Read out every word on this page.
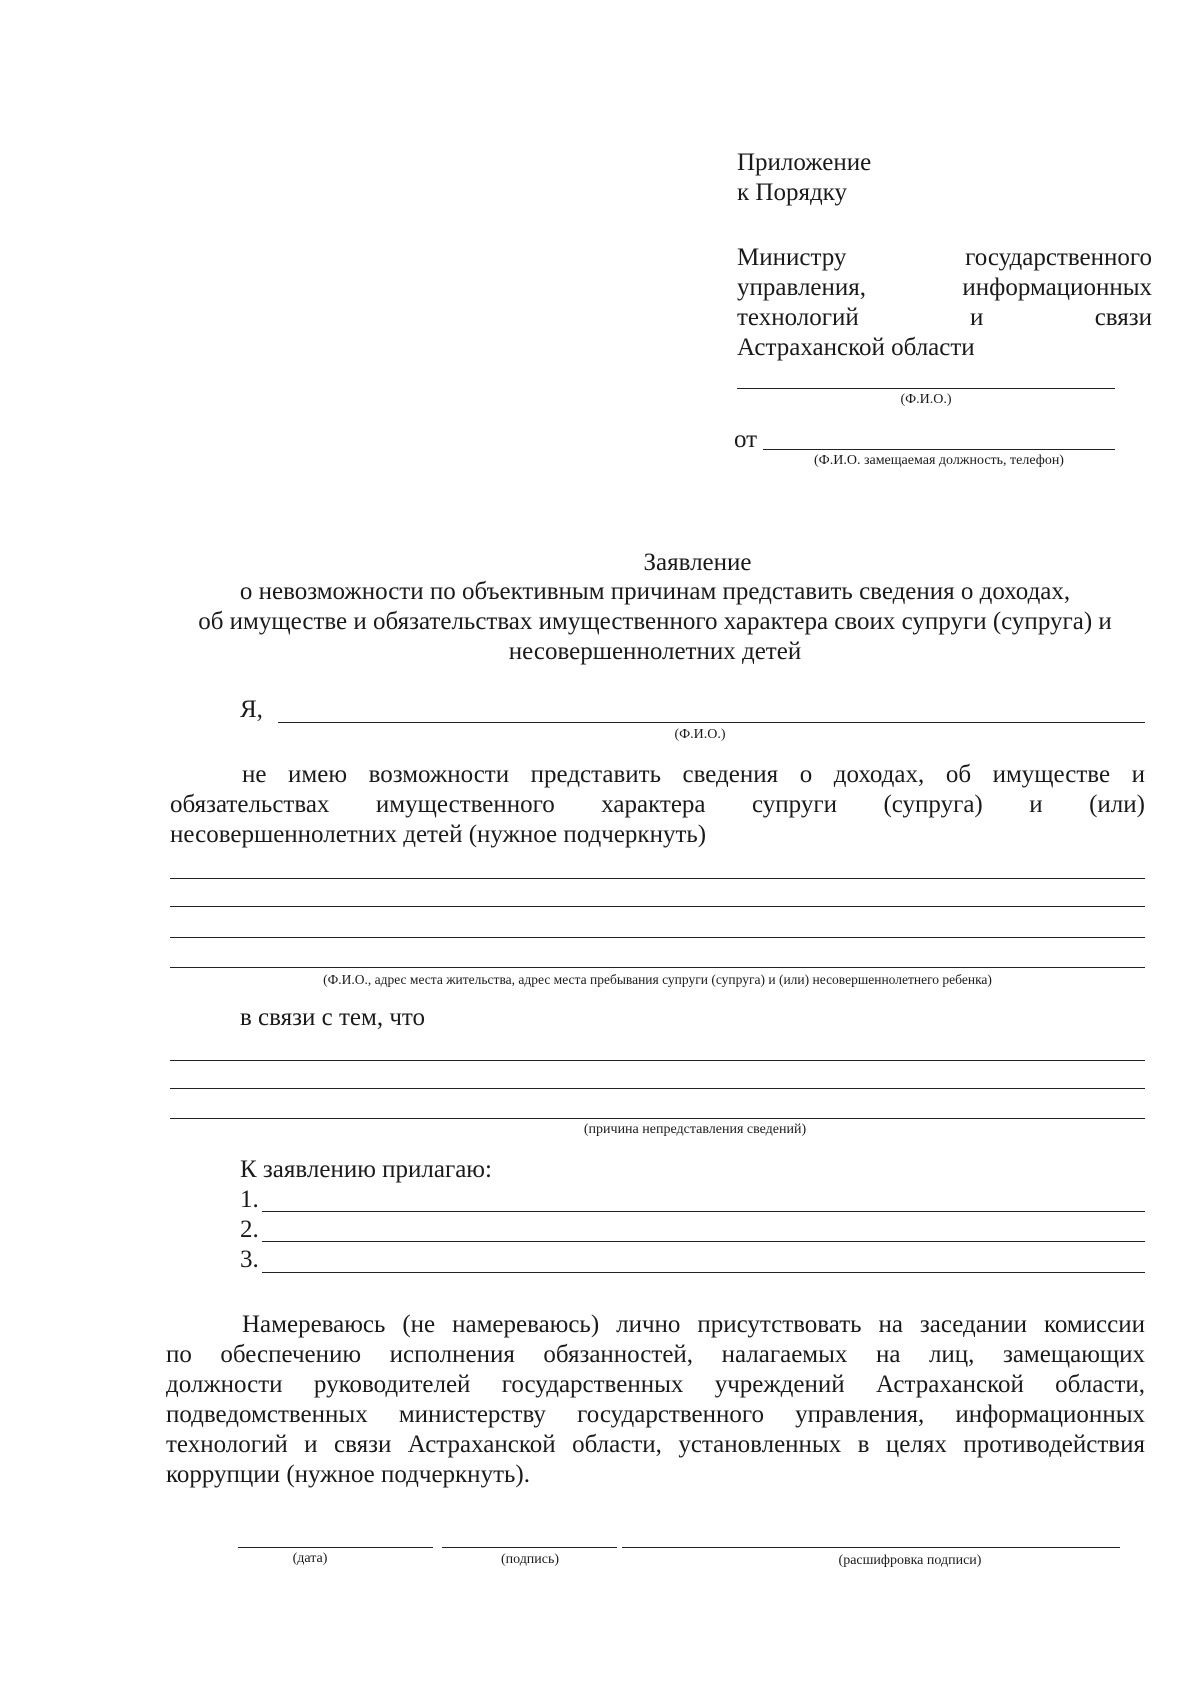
Приложение

к Порядку

Министру	государственного
управления,	информационных
технологий	и	связи
Астраханской области
(Ф.И.О.)
от
(Ф.И.О. замещаемая должность, телефон)
Заявление

о невозможности по объективным причинам представить сведения о доходах,

об имуществе и обязательствах имущественного характера своих супруги (супруга) и

несовершеннолетних детей

Я,
(Ф.И.О.)
не имею возможности представить сведения о доходах, об имуществе и
обязательствах имущественного характера супруги (супруга) и (или)
несовершеннолетних детей (нужное подчеркнуть)
(Ф.И.О., адрес места жительства, адрес места пребывания супруги (супруга) и (или) несовершеннолетнего ребенка)
в связи с тем, что
(причина непредставления сведений)
К заявлению прилагаю:
1.
2.
3.
Намереваюсь (не намереваюсь) лично присутствовать на заседании комиссии
по обеспечению исполнения обязанностей, налагаемых на лиц, замещающих
должности руководителей государственных учреждений Астраханской области,
подведомственных министерству государственного управления, информационных
технологий и связи Астраханской области, установленных в целях противодействия
коррупции (нужное подчеркнуть).
(дата)	(подпись)	(расшифровка подписи)
